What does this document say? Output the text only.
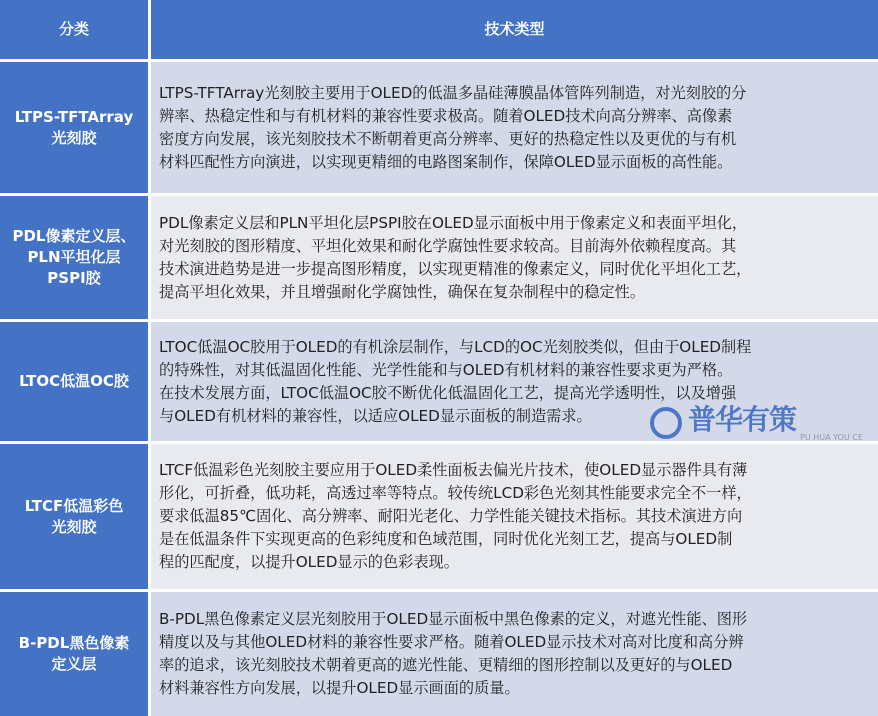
分类	技术类型
LTPS-TFTArray
光刻胶
LTPS-TFTArray光刻胶主要用于OLED的低温多晶硅薄膜晶体管阵列制造，对光刻胶的分
辨率、热稳定性和与有机材料的兼容性要求极高。随着OLED技术向高分辨率、高像素
密度方向发展，该光刻胶技术不断朝着更高分辨率、更好的热稳定性以及更优的与有机
材料匹配性方向演进，以实现更精细的电路图案制作，保障OLED显示面板的高性能。
PDL像素定义层、
PLN平坦化层
PSPI胶
PDL像素定义层和PLN平坦化层PSPI胶在OLED显示面板中用于像素定义和表面平坦化，
对光刻胶的图形精度、平坦化效果和耐化学腐蚀性要求较高。目前海外依赖程度高。其
技术演进趋势是进一步提高图形精度，以实现更精准的像素定义，同时优化平坦化工艺，
提高平坦化效果，并且增强耐化学腐蚀性，确保在复杂制程中的稳定性。
LTOC低温OC胶
LTOC低温OC胶用于OLED的有机涂层制作，与LCD的OC光刻胶类似，但由于OLED制程
的特殊性，对其低温固化性能、光学性能和与OLED有机材料的兼容性要求更为严格。
在技术发展方面，LTOC低温OC胶不断优化低温固化工艺，提高光学透明性，以及增强
与OLED有机材料的兼容性，以适应OLED显示面板的制造需求。
LTCF低温彩色
光刻胶
LTCF低温彩色光刻胶主要应用于OLED柔性面板去偏光片技术，使OLED显示器件具有薄
形化，可折叠，低功耗，高透过率等特点。较传统LCD彩色光刻其性能要求完全不一样，
要求低温85℃固化、高分辨率、耐阳光老化、力学性能关键技术指标。其技术演进方向
是在低温条件下实现更高的色彩纯度和色域范围，同时优化光刻工艺，提高与OLED制
程的匹配度，以提升OLED显示的色彩表现。
B-PDL黑色像素
定义层
B-PDL黑色像素定义层光刻胶用于OLED显示面板中黑色像素的定义，对遮光性能、图形
精度以及与其他OLED材料的兼容性要求严格。随着OLED显示技术对高对比度和高分辨
率的追求，该光刻胶技术朝着更高的遮光性能、更精细的图形控制以及更好的与OLED
材料兼容性方向发展，以提升OLED显示画面的质量。
普华有策
PU HUA YOU CE
